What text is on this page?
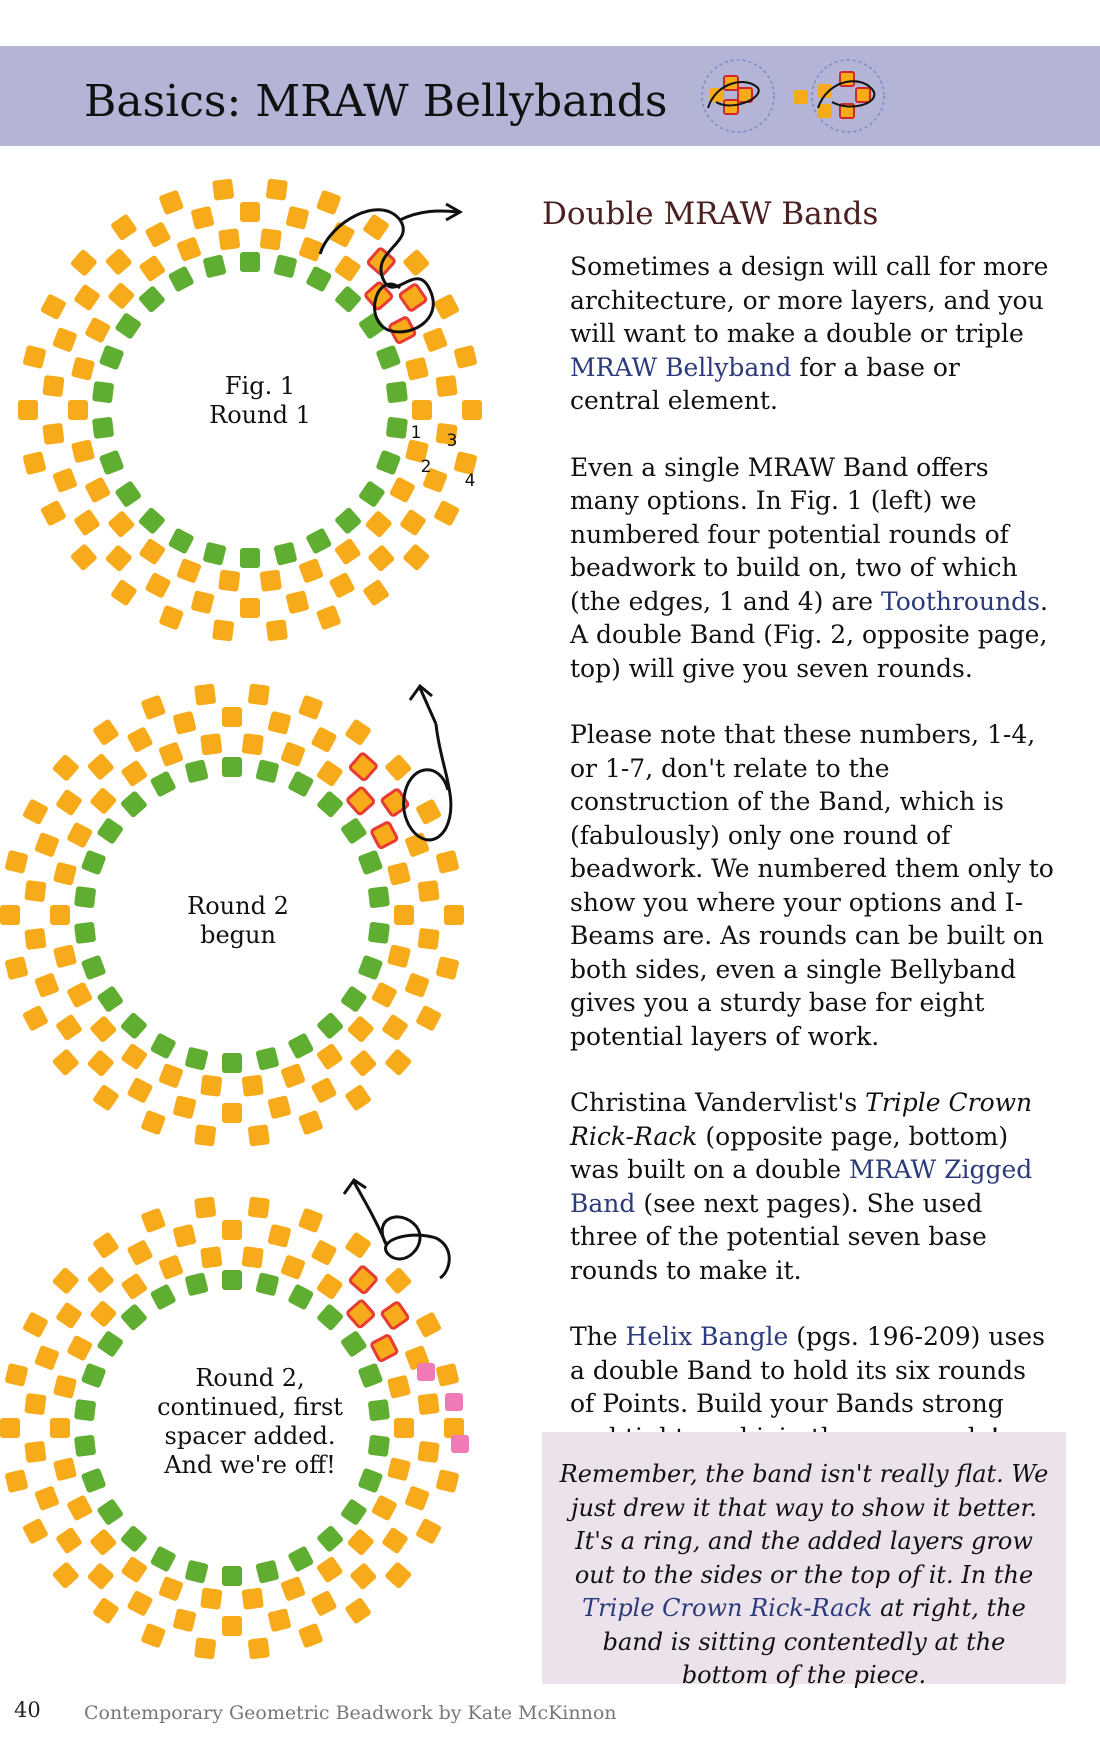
Basics: MRAW Bellybands
1
2
3
4
Fig. 1
Round 1
Round 2
begun
Round 2,
continued, first
spacer added.
And we're off!
Double MRAW Bands

Sometimes a design will call for more architecture, or more layers, and you will want to make a double or triple MRAW Bellyband for a base or central element.

Even a single MRAW Band offers many options. In Fig. 1 (left) we numbered four potential rounds of beadwork to build on, two of which (the edges, 1 and 4) are Toothrounds. A double Band (Fig. 2, opposite page, top) will give you seven rounds.

Please note that these numbers, 1-4, or 1-7, don't relate to the construction of the Band, which is (fabulously) only one round of beadwork. We numbered them only to show you where your options and I-Beams are. As rounds can be built on both sides, even a single Bellyband gives you a sturdy base for eight potential layers of work.

Christina Vandervlist's Triple Crown Rick-Rack (opposite page, bottom) was built on a double MRAW Zigged Band (see next pages). She used three of the potential seven base rounds to make it.

The Helix Bangle (pgs. 196-209) uses a double Band to hold its six rounds of Points. Build your Bands strong

Remember, the band isn't really flat. We just drew it that way to show it better. It's a ring, and the added layers grow out to the sides or the top of it. In the Triple Crown Rick-Rack at right, the band is sitting contentedly at the bottom of the piece.
40 Contemporary Geometric Beadwork by Kate McKinnon
